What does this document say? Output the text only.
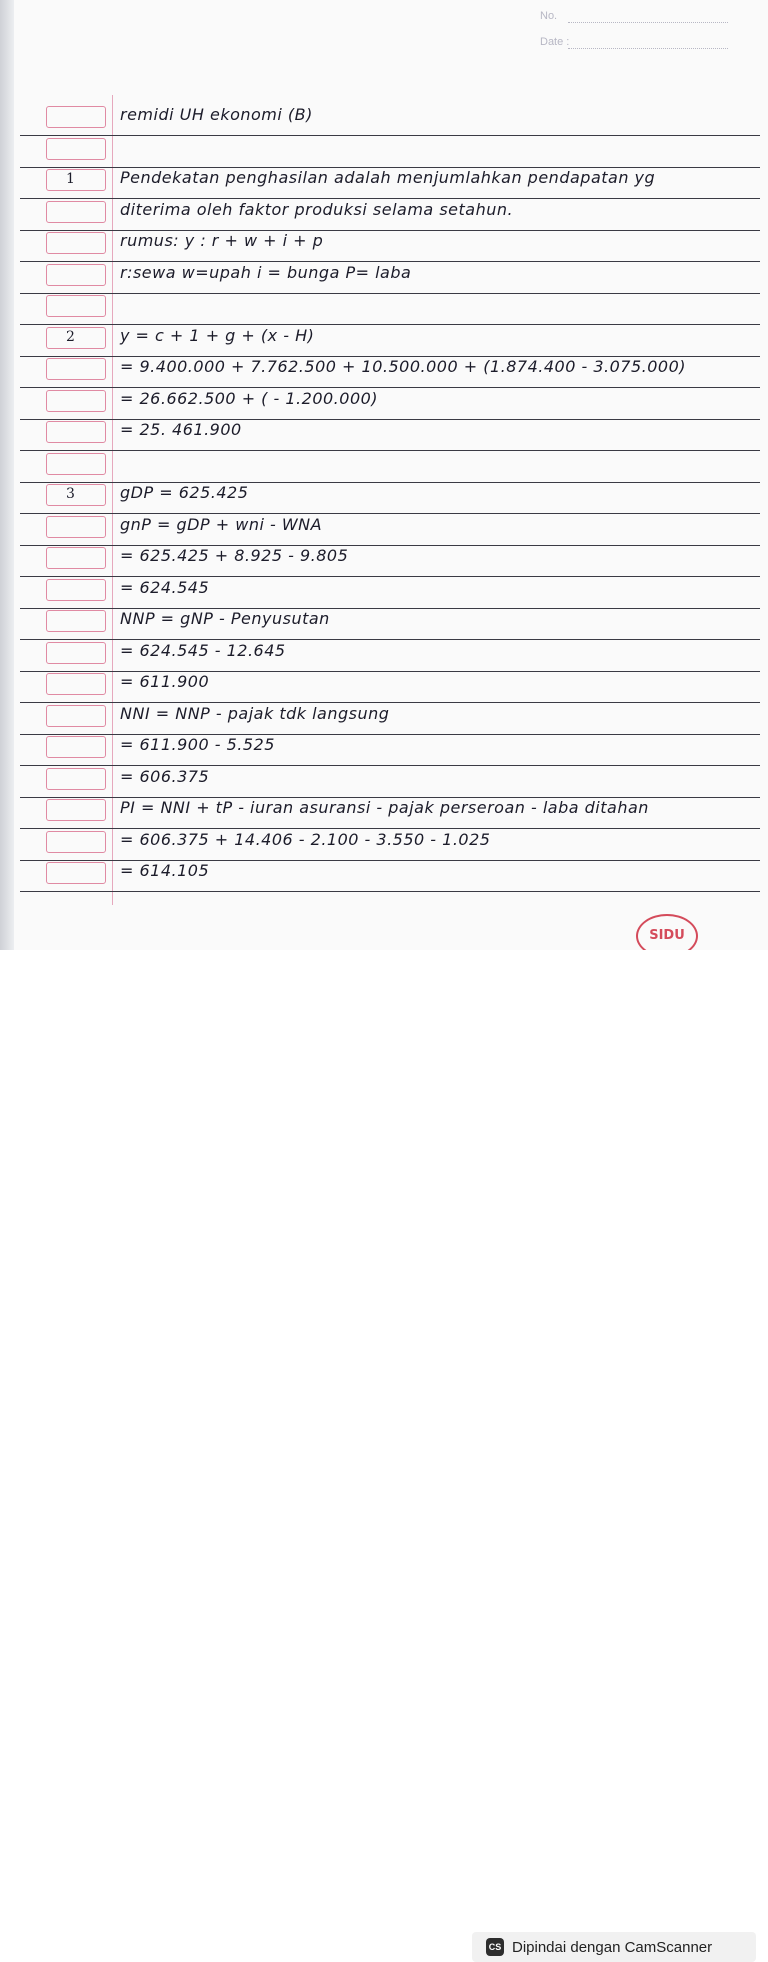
No.
Date :
remidi UH ekonomi (B)
1	Pendekatan penghasilan adalah menjumlahkan pendapatan yg
diterima oleh faktor produksi selama setahun.
rumus: y : r + w + i + p
r:sewa w=upah i = bunga P= laba
2	y = c + 1 + g + (x - H)
= 9.400.000 + 7.762.500 + 10.500.000 + (1.874.400 - 3.075.000)
= 26.662.500 + ( - 1.200.000)
= 25. 461.900
3	gDP = 625.425
gnP = gDP + wni - WNA
= 625.425 + 8.925 - 9.805
= 624.545
NNP = gNP - Penyusutan
= 624.545 - 12.645
= 611.900
NNI = NNP - pajak tdk langsung
= 611.900 - 5.525
= 606.375
PI = NNI + tP - iuran asuransi - pajak perseroan - laba ditahan
= 606.375 + 14.406 - 2.100 - 3.550 - 1.025
= 614.105
SIDU
CS Dipindai dengan CamScanner
